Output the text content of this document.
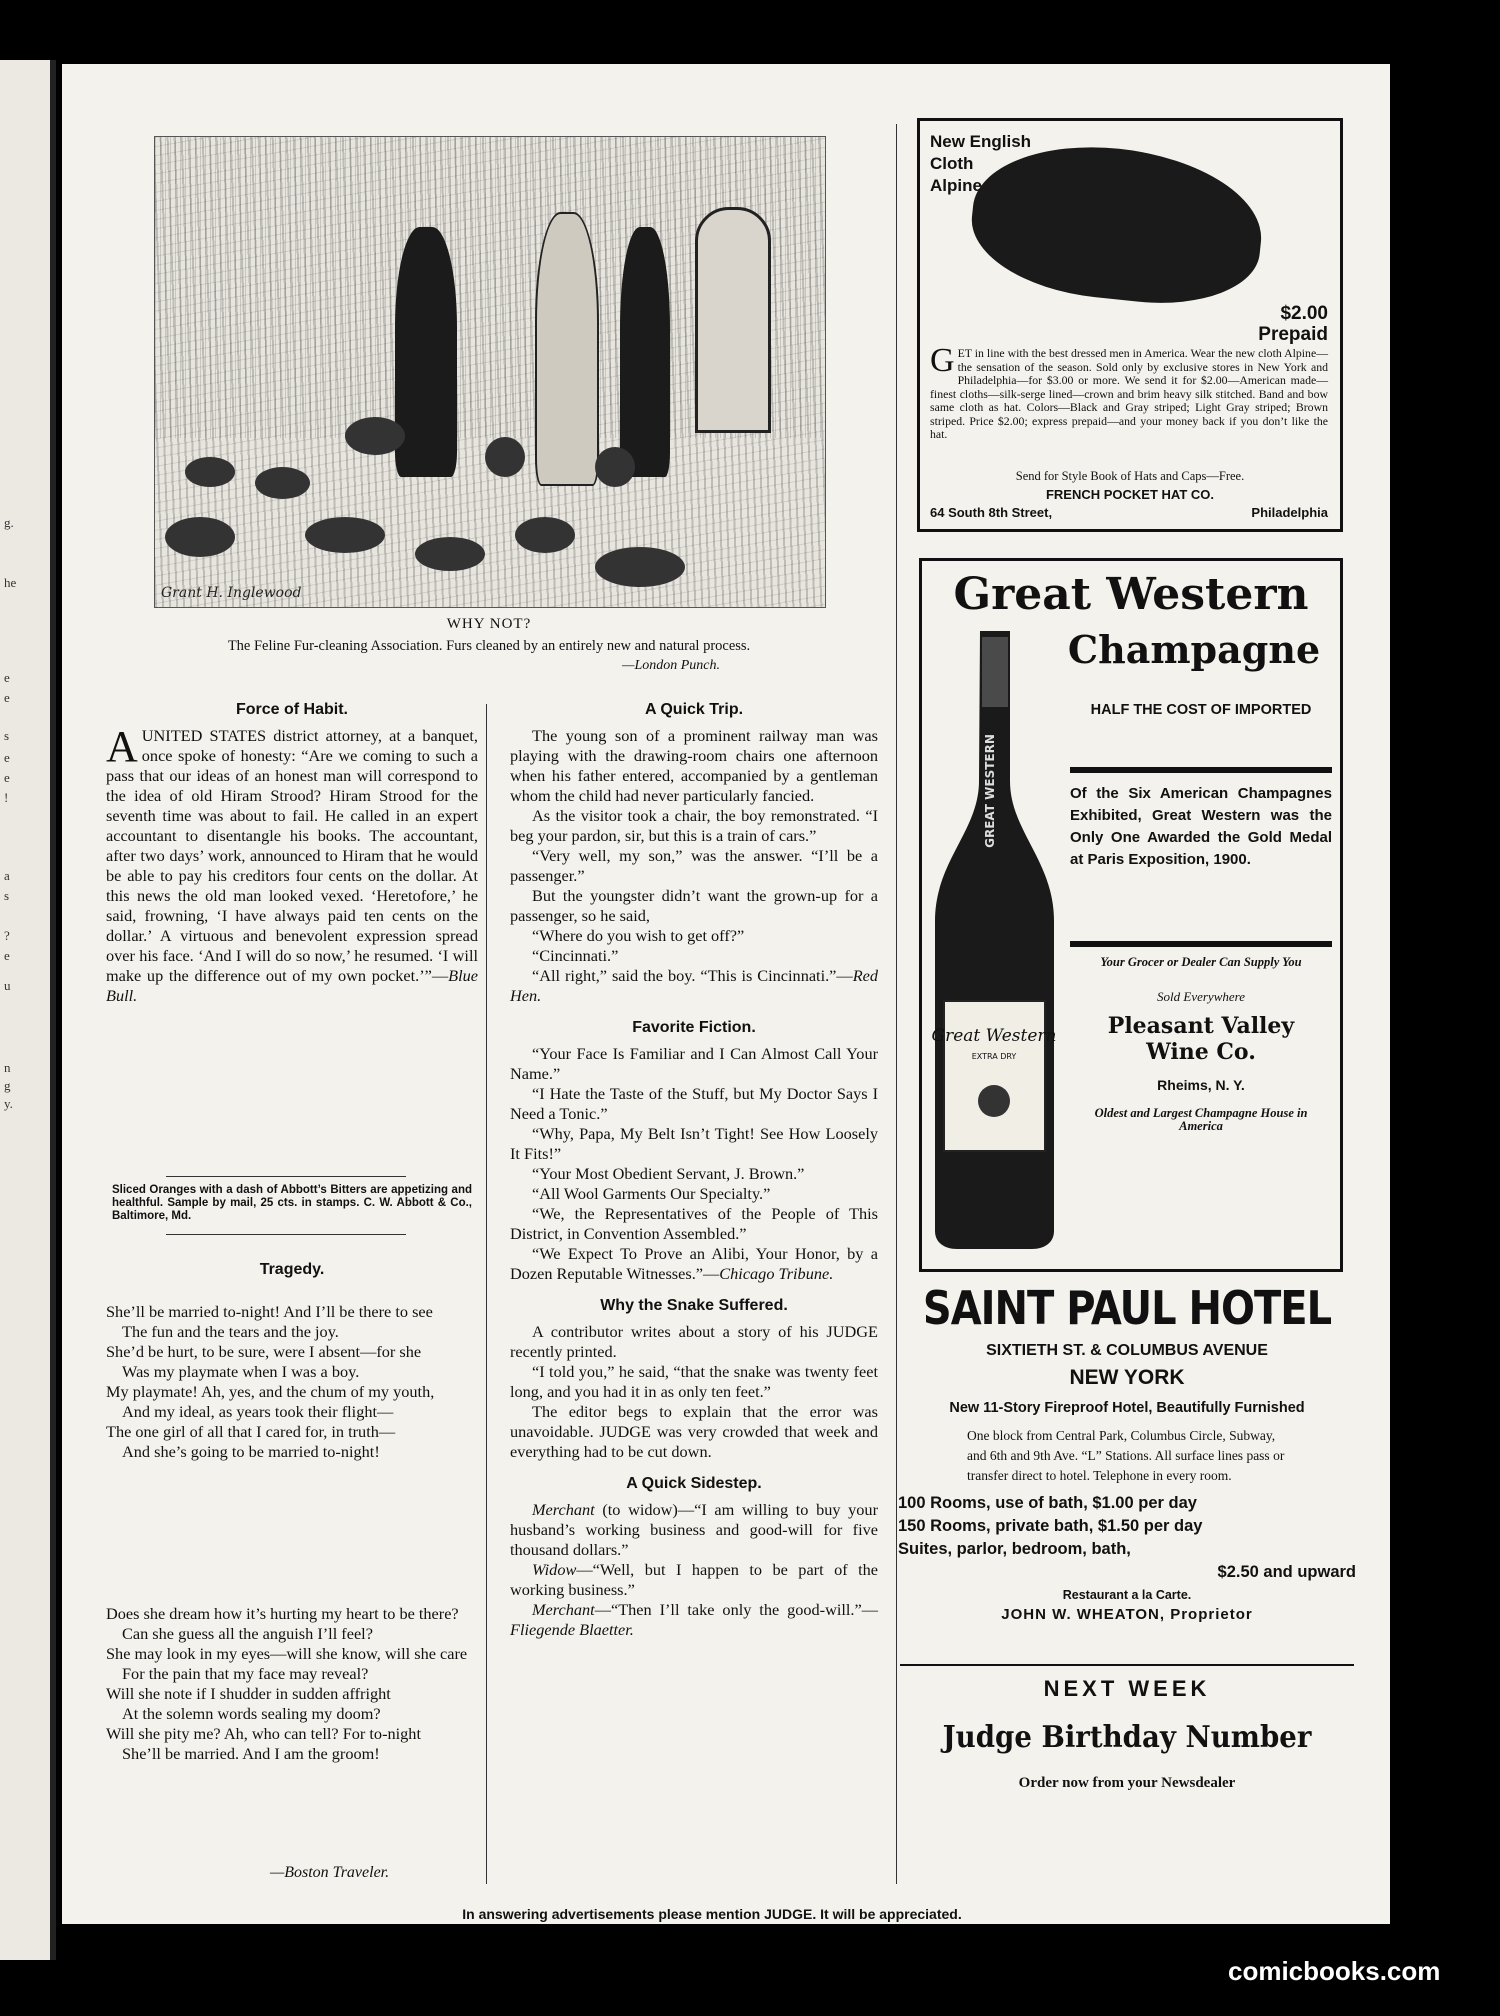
g.
he
e
e
s
e
e
!
a
s
?
e
u
n
g
y.
Grant H. Inglewood
WHY NOT?
The Feline Fur-cleaning Association. Furs cleaned by an entirely new and natural process.
—London Punch.
Force of Habit.

AUNITED STATES district attorney, at a banquet, once spoke of honesty: “Are we coming to such a pass that our ideas of an honest man will correspond to the idea of old Hiram Strood? Hiram Strood for the seventh time was about to fail. He called in an expert accountant to disentangle his books. The accountant, after two days’ work, announced to Hiram that he would be able to pay his creditors four cents on the dollar. At this news the old man looked vexed. ‘Heretofore,’ he said, frowning, ‘I have always paid ten cents on the dollar.’ A virtuous and benevolent expression spread over his face. ‘And I will do so now,’ he resumed. ‘I will make up the difference out of my own pocket.’”—Blue Bull.

Sliced Oranges with a dash of Abbott’s Bitters are appetizing and healthful. Sample by mail, 25 cts. in stamps. C. W. Abbott & Co., Baltimore, Md.
Tragedy.
She’ll be married to-night! And I’ll be there to see
The fun and the tears and the joy.
She’d be hurt, to be sure, were I absent—for she
Was my playmate when I was a boy.
My playmate! Ah, yes, and the chum of my youth,
And my ideal, as years took their flight—
The one girl of all that I cared for, in truth—
And she’s going to be married to-night!
Does she dream how it’s hurting my heart to be there?
Can she guess all the anguish I’ll feel?
She may look in my eyes—will she know, will she care
For the pain that my face may reveal?
Will she note if I shudder in sudden affright
At the solemn words sealing my doom?
Will she pity me? Ah, who can tell? For to-night
She’ll be married. And I am the groom!
—Boston Traveler.
A Quick Trip.

The young son of a prominent railway man was playing with the drawing-room chairs one afternoon when his father entered, accompanied by a gentleman whom the child had never particularly fancied.

As the visitor took a chair, the boy remonstrated. “I beg your pardon, sir, but this is a train of cars.”

“Very well, my son,” was the answer. “I’ll be a passenger.”

But the youngster didn’t want the grown-up for a passenger, so he said,

“Where do you wish to get off?”

“Cincinnati.”

“All right,” said the boy. “This is Cincinnati.”—Red Hen.

Favorite Fiction.

“Your Face Is Familiar and I Can Almost Call Your Name.”

“I Hate the Taste of the Stuff, but My Doctor Says I Need a Tonic.”

“Why, Papa, My Belt Isn’t Tight! See How Loosely It Fits!”

“Your Most Obedient Servant, J. Brown.”

“All Wool Garments Our Specialty.”

“We, the Representatives of the People of This District, in Convention Assembled.”

“We Expect To Prove an Alibi, Your Honor, by a Dozen Reputable Witnesses.”—Chicago Tribune.

Why the Snake Suffered.

A contributor writes about a story of his JUDGE recently printed.

“I told you,” he said, “that the snake was twenty feet long, and you had it in as only ten feet.”

The editor begs to explain that the error was unavoidable. JUDGE was very crowded that week and everything had to be cut down.

A Quick Sidestep.

Merchant (to widow)—“I am willing to buy your husband’s working business and good-will for five thousand dollars.”

Widow—“Well, but I happen to be part of the working business.”

Merchant—“Then I’ll take only the good-will.”—Fliegende Blaetter.

New English
Cloth
Alpine
$2.00
Prepaid
GET in line with the best dressed men in America. Wear the new cloth Alpine—the sensation of the season. Sold only by exclusive stores in New York and Philadelphia—for $3.00 or more. We send it for $2.00—American made—finest cloths—silk-serge lined—crown and brim heavy silk stitched. Band and bow same cloth as hat. Colors—Black and Gray striped; Light Gray striped; Brown striped. Price $2.00; express prepaid—and your money back if you don’t like the hat.
Send for Style Book of Hats and Caps—Free.
FRENCH POCKET HAT CO.
64 South 8th Street,	Philadelphia
Great Western
Champagne
GREAT WESTERN
Great Western
EXTRA DRY
HALF THE COST OF IMPORTED
Of the Six American Champagnes Exhibited, Great Western was the Only One Awarded the Gold Medal at Paris Exposition, 1900.
Your Grocer or Dealer Can Supply You
Sold Everywhere
Pleasant Valley Wine Co.
Rheims, N. Y.
Oldest and Largest Champagne House in America
SAINT PAUL HOTEL
SIXTIETH ST. & COLUMBUS AVENUE
NEW YORK
New 11-Story Fireproof Hotel, Beautifully Furnished
One block from Central Park, Columbus Circle, Subway, and 6th and 9th Ave. “L” Stations. All surface lines pass or transfer direct to hotel. Telephone in every room.
100 Rooms, use of bath, $1.00 per day
150 Rooms, private bath, $1.50 per day
Suites, parlor, bedroom, bath,
$2.50 and upward
Restaurant a la Carte.
JOHN W. WHEATON, Proprietor
NEXT WEEK
Judge Birthday Number
Order now from your Newsdealer
In answering advertisements please mention JUDGE. It will be appreciated.
comicbooks.com
